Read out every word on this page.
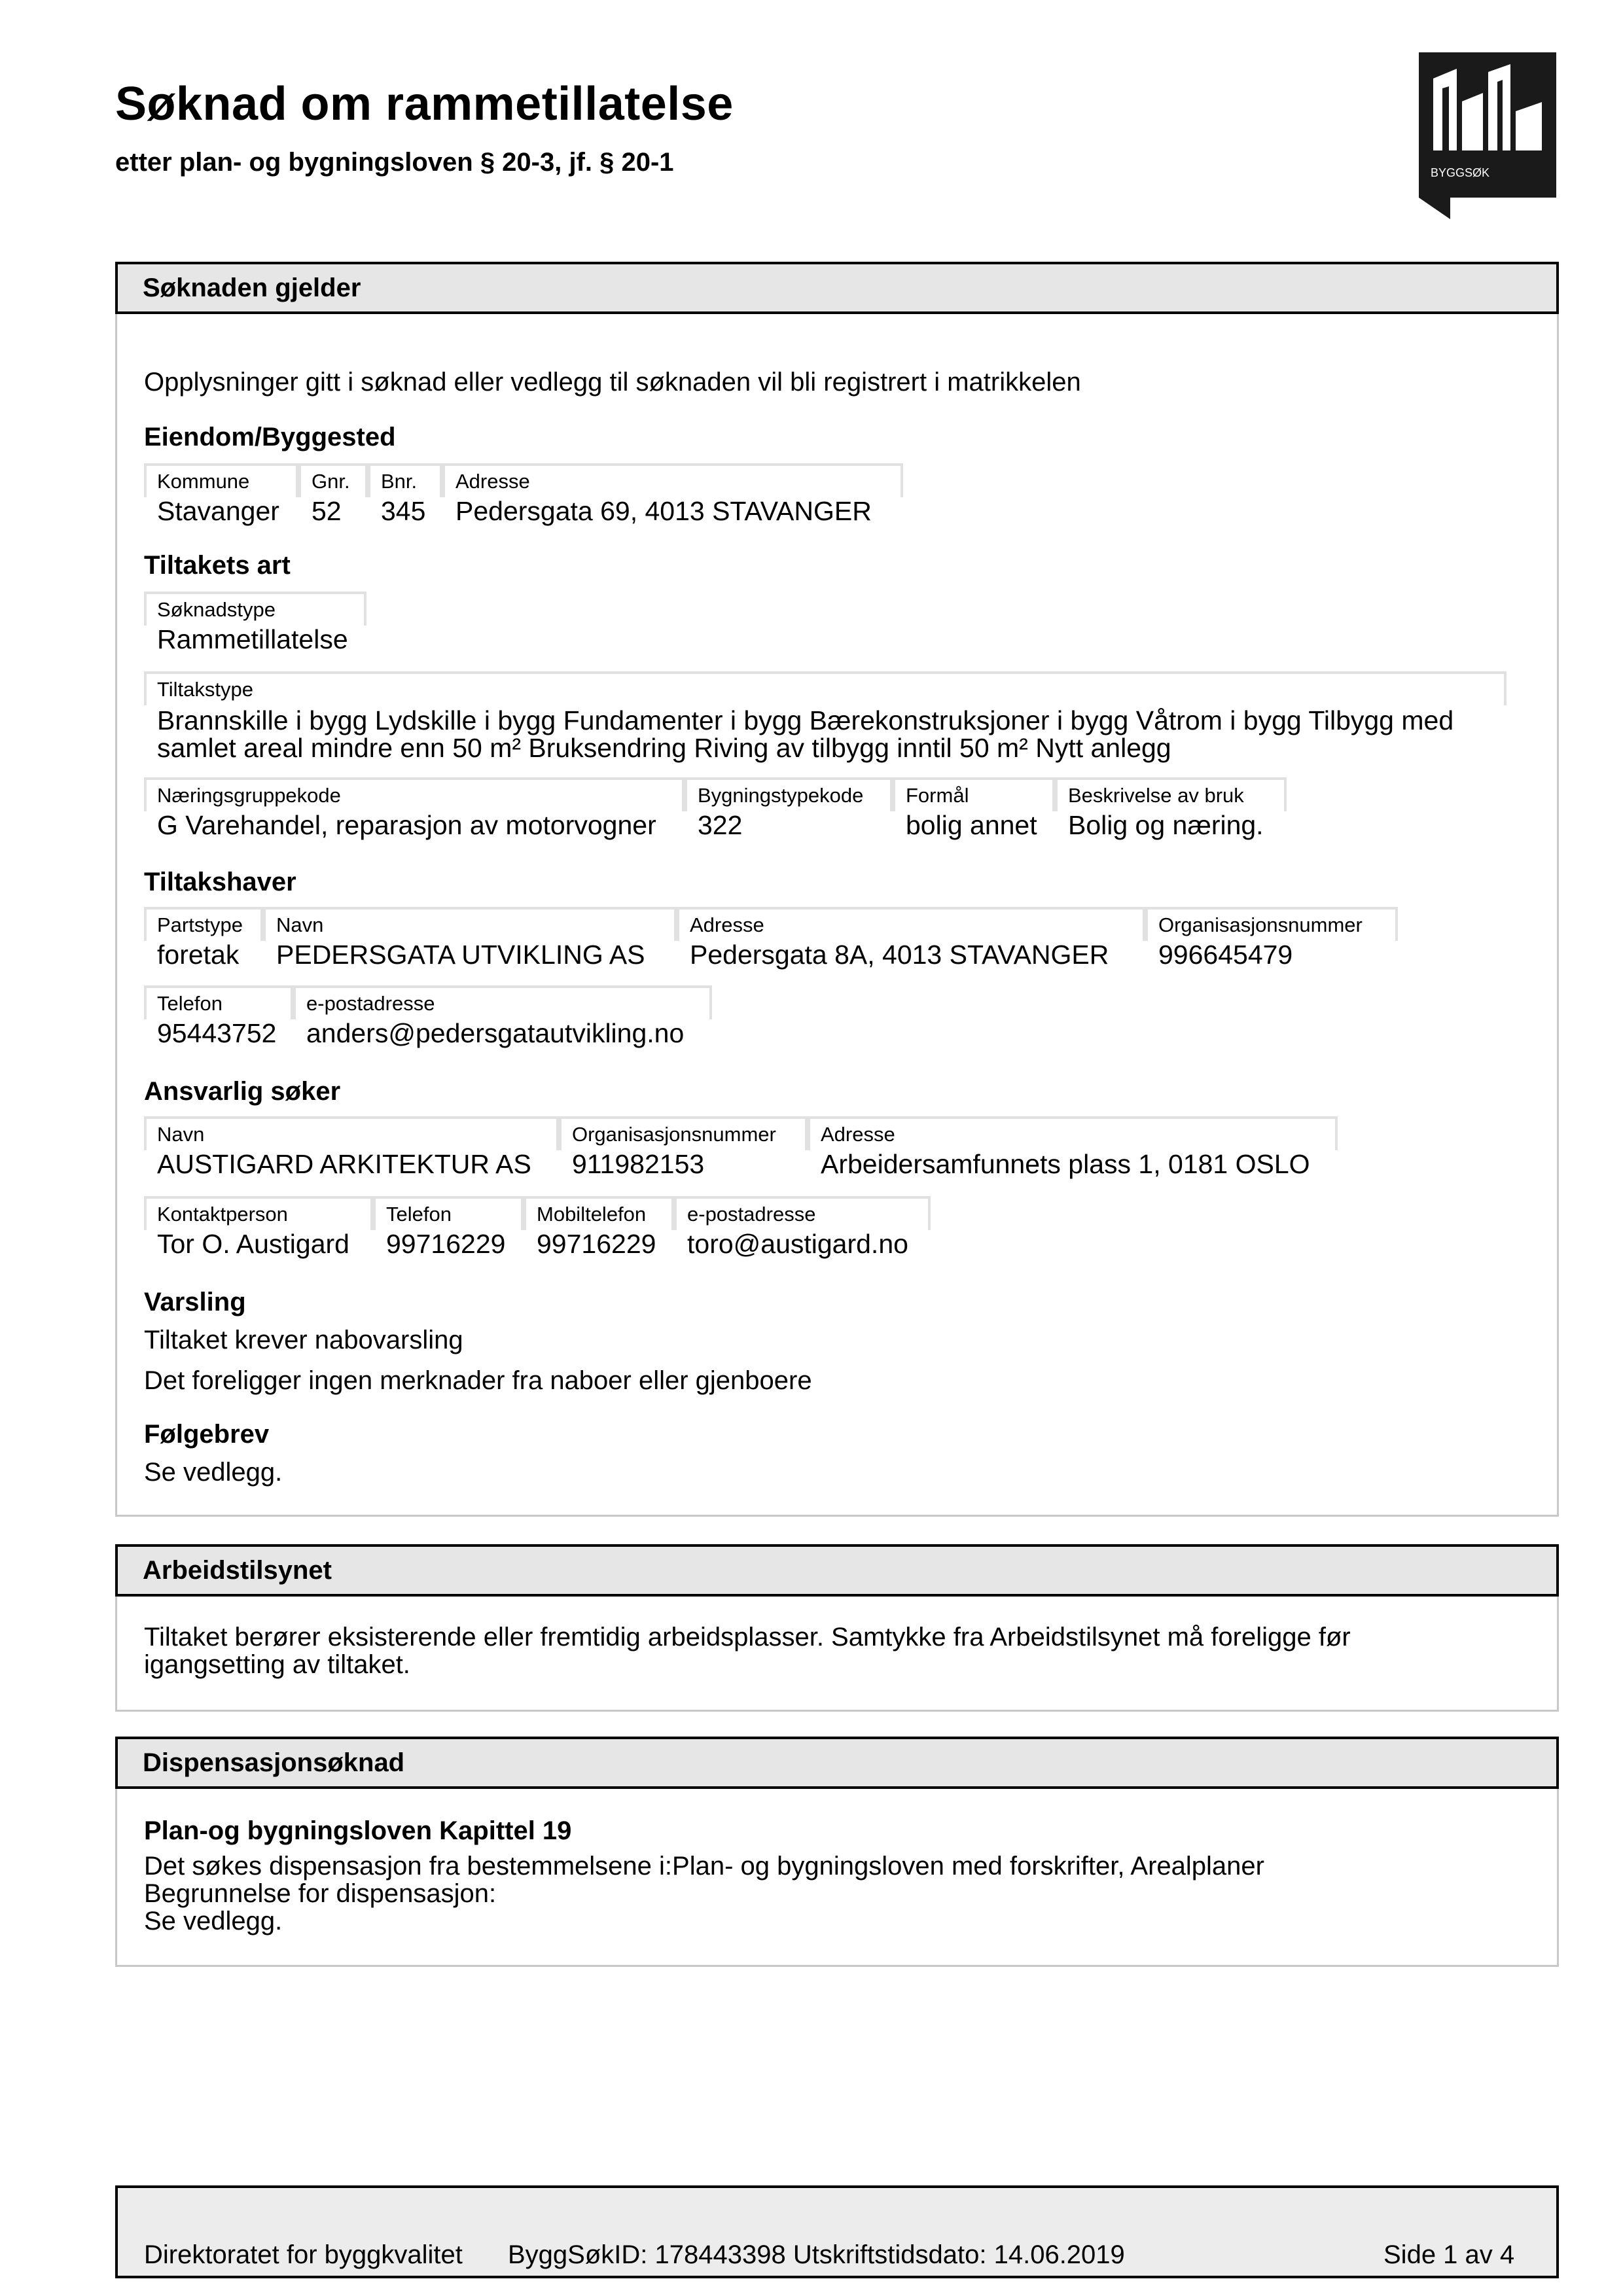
Søknad om rammetillatelse
etter plan- og bygningsloven § 20-3, jf. § 20-1	BYGGSØK
Søknaden gjelder
Opplysninger gitt i søknad eller vedlegg til søknaden vil bli registrert i matrikkelen
Eiendom/Byggested
Kommune
Stavanger
Gnr.
52
Bnr.
345
Adresse
Pedersgata 69, 4013 STAVANGER
Tiltakets art
Søknadstype
Rammetillatelse
Tiltakstype
Brannskille i bygg Lydskille i bygg Fundamenter i bygg Bærekonstruksjoner i bygg Våtrom i bygg Tilbygg med
samlet areal mindre enn 50 m² Bruksendring Riving av tilbygg inntil 50 m² Nytt anlegg
Næringsgruppekode
G Varehandel, reparasjon av motorvogner
Bygningstypekode
322
Formål
bolig annet
Beskrivelse av bruk
Bolig og næring.
Tiltakshaver
Partstype
foretak
Navn
PEDERSGATA UTVIKLING AS
Adresse
Pedersgata 8A, 4013 STAVANGER
Organisasjonsnummer
996645479
Telefon
95443752
e-postadresse
anders@pedersgatautvikling.no
Ansvarlig søker
Navn
AUSTIGARD ARKITEKTUR AS
Organisasjonsnummer
911982153
Adresse
Arbeidersamfunnets plass 1, 0181 OSLO
Kontaktperson
Tor O. Austigard
Telefon
99716229
Mobiltelefon
99716229
e-postadresse
toro@austigard.no
Varsling
Tiltaket krever nabovarsling
Det foreligger ingen merknader fra naboer eller gjenboere
Følgebrev
Se vedlegg.
Arbeidstilsynet
Tiltaket berører eksisterende eller fremtidig arbeidsplasser. Samtykke fra Arbeidstilsynet må foreligge før
igangsetting av tiltaket.
Dispensasjonsøknad
Plan-og bygningsloven Kapittel 19
Det søkes dispensasjon fra bestemmelsene i:Plan- og bygningsloven med forskrifter, Arealplaner
Begrunnelse for dispensasjon:
Se vedlegg.
Direktoratet for byggkvalitet ByggSøkID: 178443398 Utskriftstidsdato: 14.06.2019	Side 1 av 4
